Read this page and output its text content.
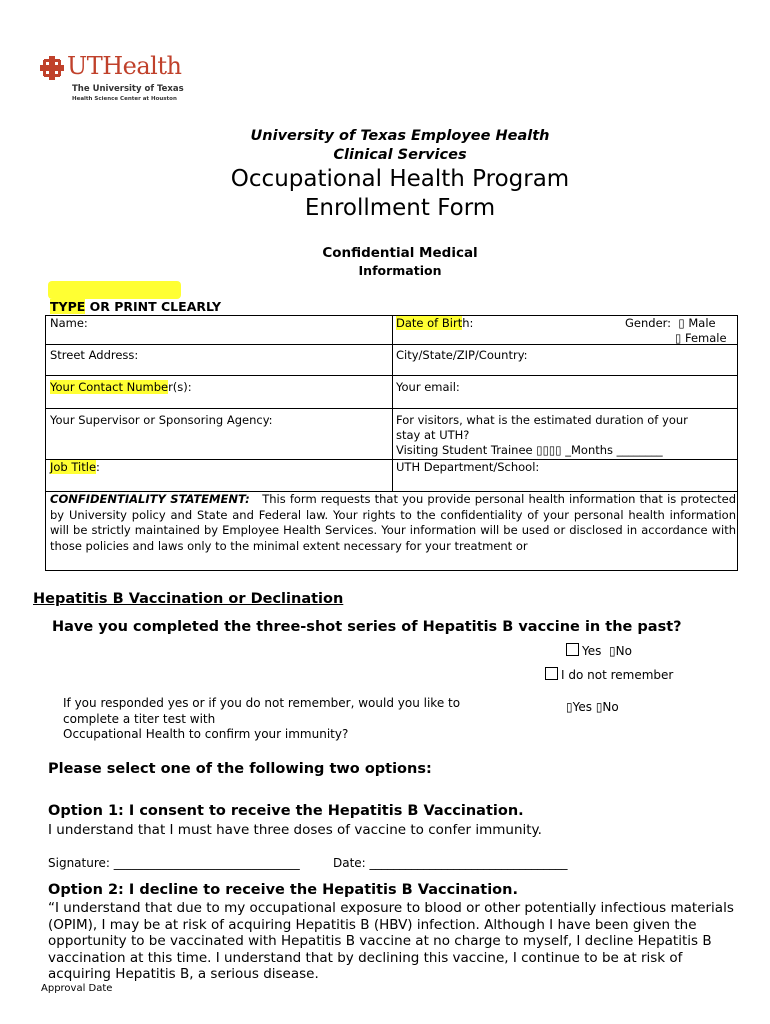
UTHealth
The University of Texas
Health Science Center at Houston
University of Texas Employee Health
Clinical Services
Occupational Health Program
Enrollment Form
Confidential Medical
Information
TYPE OR PRINT CLEARLY
Name:	Date of Birth:	Gender: ▯ Male
▯ Female
Street Address:	City/State/ZIP/Country:
Your Contact Number(s):	Your email:
Your Supervisor or Sponsoring Agency:	For visitors, what is the estimated duration of your
stay at UTH?
Visiting Student Trainee ▯▯▯▯ _Months ________
Job Title:	UTH Department/School:
CONFIDENTIALITY STATEMENT: This form requests that you provide personal health information that is protected by University policy and State and Federal law. Your rights to the confidentiality of your personal health information will be strictly maintained by Employee Health Services. Your information will be used or disclosed in accordance with those policies and laws only to the minimal extent necessary for your treatment or
Hepatitis B Vaccination or Declination
Have you completed the three-shot series of Hepatitis B vaccine in the past?
Yes ▯No
I do not remember
If you responded yes or if you do not remember, would you like to
complete a titer test with
Occupational Health to confirm your immunity?
▯Yes ▯No
Please select one of the following two options:
Option 1: I consent to receive the Hepatitis B Vaccination.
I understand that I must have three doses of vaccine to confer immunity.
Signature: _______________________________	Date: _________________________________
Option 2: I decline to receive the Hepatitis B Vaccination.
“I understand that due to my occupational exposure to blood or other potentially infectious materials (OPIM), I may be at risk of acquiring Hepatitis B (HBV) infection. Although I have been given the opportunity to be vaccinated with Hepatitis B vaccine at no charge to myself, I decline Hepatitis B vaccination at this time. I understand that by declining this vaccine, I continue to be at risk of acquiring Hepatitis B, a serious disease.
Approval Date
